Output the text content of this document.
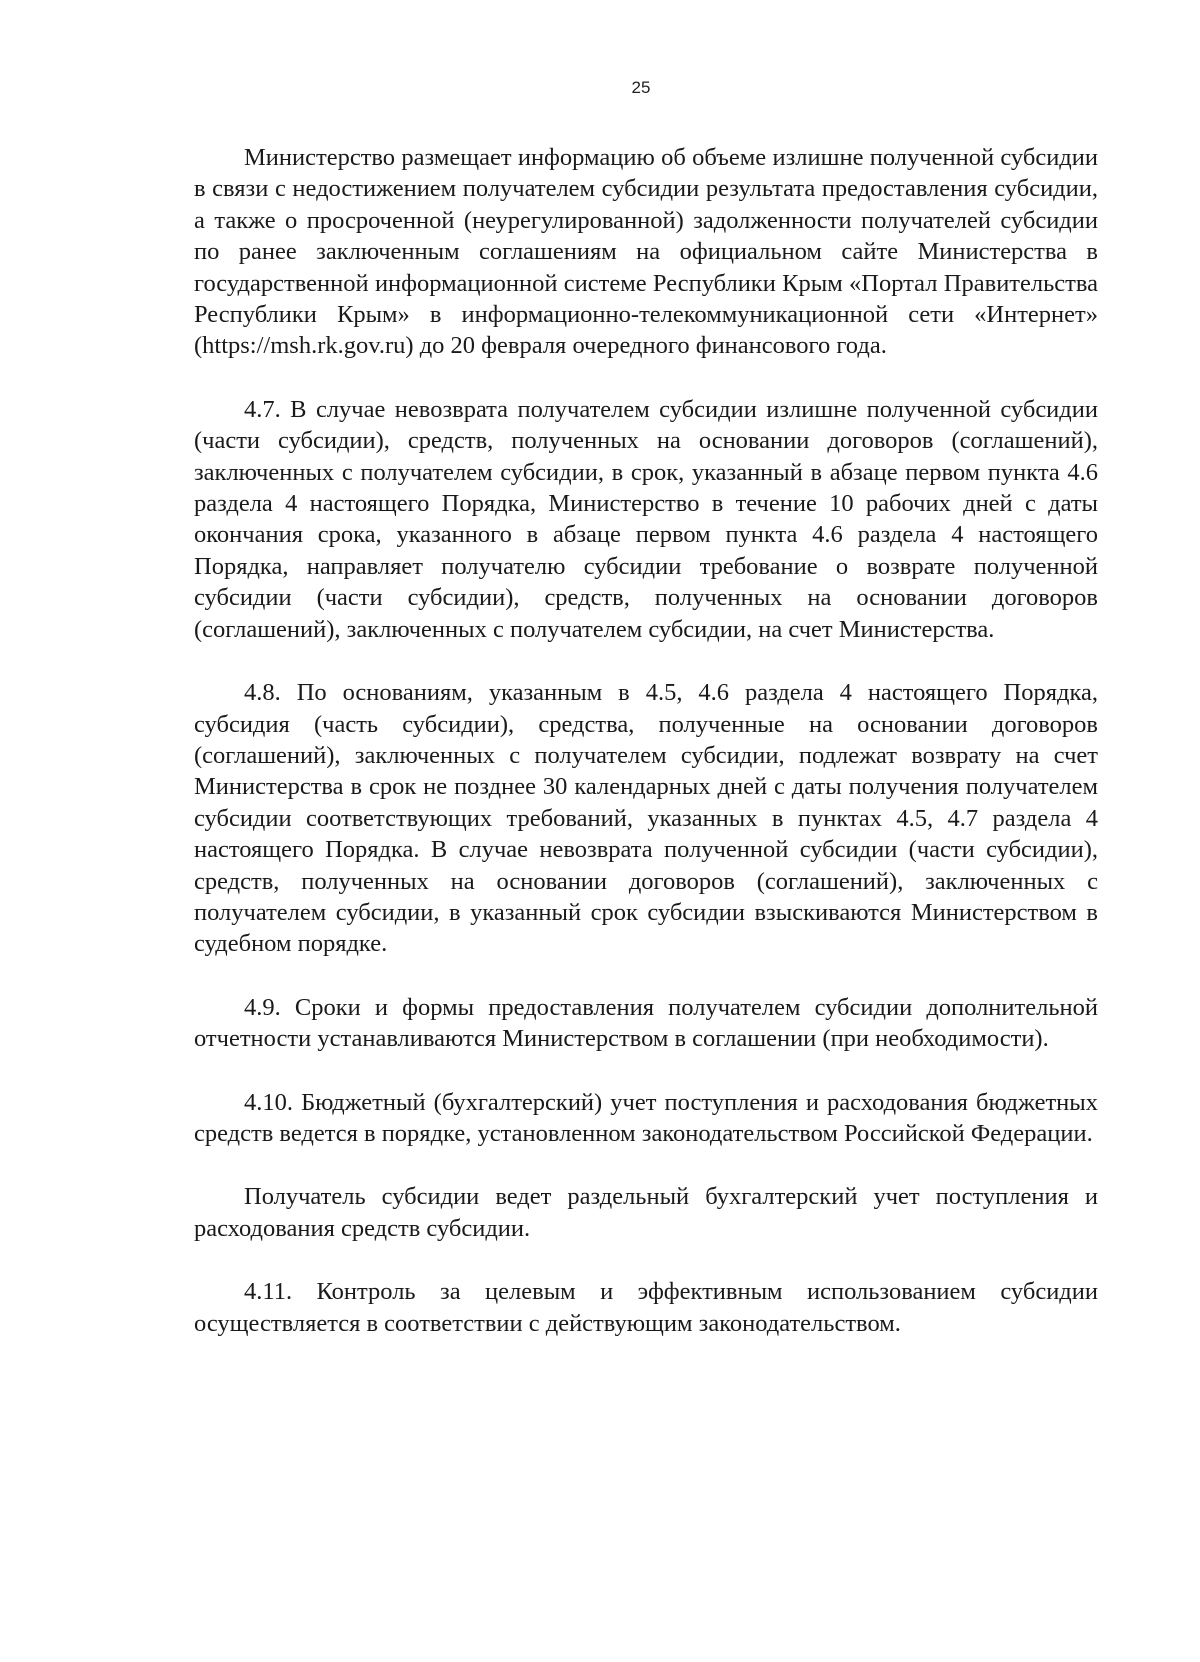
25

Министерство размещает информацию об объеме излишне полученной субсидии в связи с недостижением получателем субсидии результата предоставления субсидии, а также о просроченной (неурегулированной) задолженности получателей субсидии по ранее заключенным соглашениям на официальном сайте Министерства в государственной информационной системе Республики Крым «Портал Правительства Республики Крым» в информационно-телекоммуникационной сети «Интернет» (https://msh.rk.gov.ru) до 20 февраля очередного финансового года.

4.7. В случае невозврата получателем субсидии излишне полученной субсидии (части субсидии), средств, полученных на основании договоров (соглашений), заключенных с получателем субсидии, в срок, указанный в абзаце первом пункта 4.6 раздела 4 настоящего Порядка, Министерство в течение 10 рабочих дней с даты окончания срока, указанного в абзаце первом пункта 4.6 раздела 4 настоящего Порядка, направляет получателю субсидии требование о возврате полученной субсидии (части субсидии), средств, полученных на основании договоров (соглашений), заключенных с получателем субсидии, на счет Министерства.

4.8. По основаниям, указанным в 4.5, 4.6 раздела 4 настоящего Порядка, субсидия (часть субсидии), средства, полученные на основании договоров (соглашений), заключенных с получателем субсидии, подлежат возврату на счет Министерства в срок не позднее 30 календарных дней с даты получения получателем субсидии соответствующих требований, указанных в пунктах 4.5, 4.7 раздела 4 настоящего Порядка. В случае невозврата полученной субсидии (части субсидии), средств, полученных на основании договоров (соглашений), заключенных с получателем субсидии, в указанный срок субсидии взыскиваются Министерством в судебном порядке.

4.9. Сроки и формы предоставления получателем субсидии дополнительной отчетности устанавливаются Министерством в соглашении (при необходимости).

4.10. Бюджетный (бухгалтерский) учет поступления и расходования бюджетных средств ведется в порядке, установленном законодательством Российской Федерации.

Получатель субсидии ведет раздельный бухгалтерский учет поступления и расходования средств субсидии.

4.11. Контроль за целевым и эффективным использованием субсидии осуществляется в соответствии с действующим законодательством.
